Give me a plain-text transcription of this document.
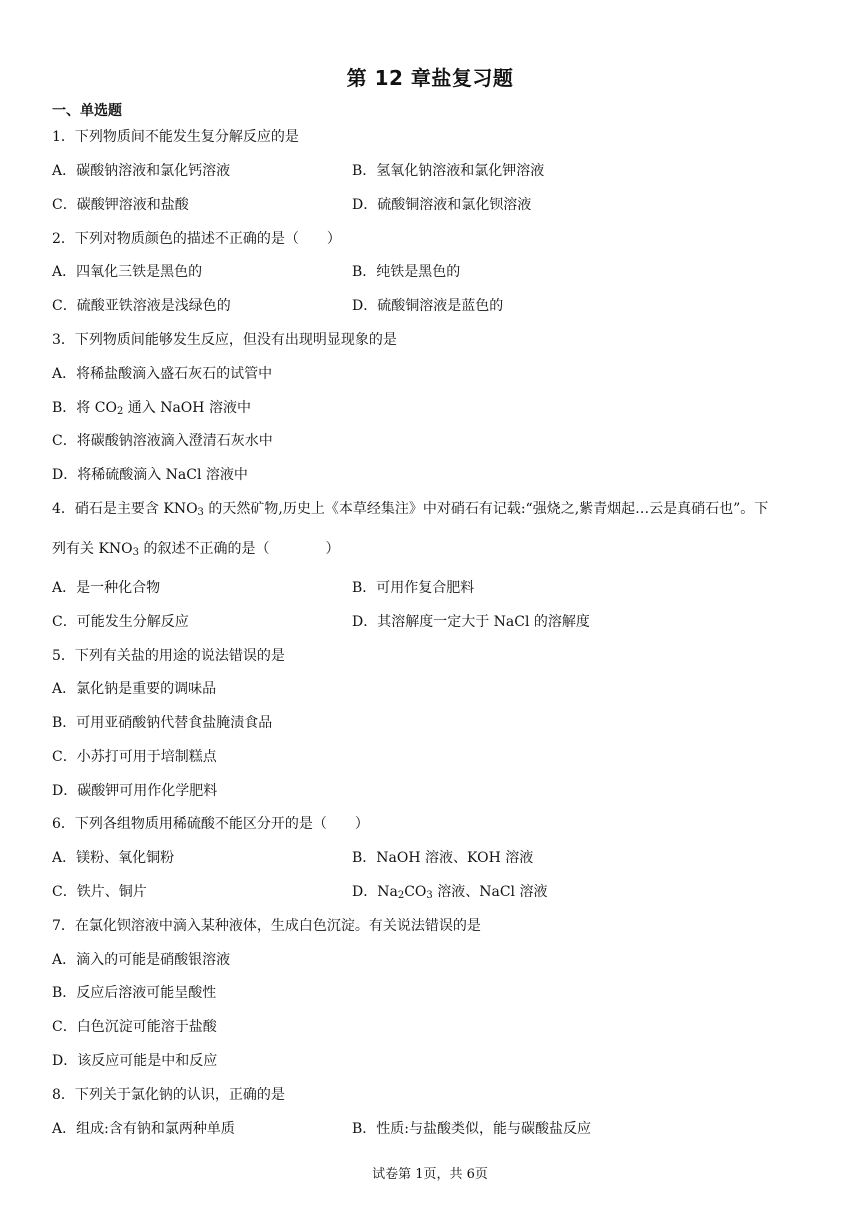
第 12 章盐复习题
一、单选题
1．下列物质间不能发生复分解反应的是
A．碳酸钠溶液和氯化钙溶液	B．氢氧化钠溶液和氯化钾溶液
C．碳酸钾溶液和盐酸	D．硫酸铜溶液和氯化钡溶液
2．下列对物质颜色的描述不正确的是（　　）
A．四氧化三铁是黑色的	B．纯铁是黑色的
C．硫酸亚铁溶液是浅绿色的	D．硫酸铜溶液是蓝色的
3．下列物质间能够发生反应，但没有出现明显现象的是
A．将稀盐酸滴入盛石灰石的试管中
B．将 $CO_2$ 通入 NaOH 溶液中
C．将碳酸钠溶液滴入澄清石灰水中
D．将稀硫酸滴入 NaCl 溶液中
4．硝石是主要含 $KNO_3$ 的天然矿物,历史上《本草经集注》中对硝石有记载:“强烧之,紫青烟起…云是真硝石也”。下
列有关 $KNO_3$ 的叙述不正确的是（　　　　）
A．是一种化合物	B．可用作复合肥料
C．可能发生分解反应	D．其溶解度一定大于 NaCl 的溶解度
5．下列有关盐的用途的说法错误的是
A．氯化钠是重要的调味品
B．可用亚硝酸钠代替食盐腌渍食品
C．小苏打可用于培制糕点
D．碳酸钾可用作化学肥料
6．下列各组物质用稀硫酸不能区分开的是（　　）
A．镁粉、氧化铜粉	B．NaOH 溶液、KOH 溶液
C．铁片、铜片	D．$Na_2CO_3$ 溶液、NaCl 溶液
7．在氯化钡溶液中滴入某种液体，生成白色沉淀。有关说法错误的是
A．滴入的可能是硝酸银溶液
B．反应后溶液可能呈酸性
C．白色沉淀可能溶于盐酸
D．该反应可能是中和反应
8．下列关于氯化钠的认识，正确的是
A．组成:含有钠和氯两种单质	B．性质:与盐酸类似，能与碳酸盐反应
试卷第 1页，共 6页
